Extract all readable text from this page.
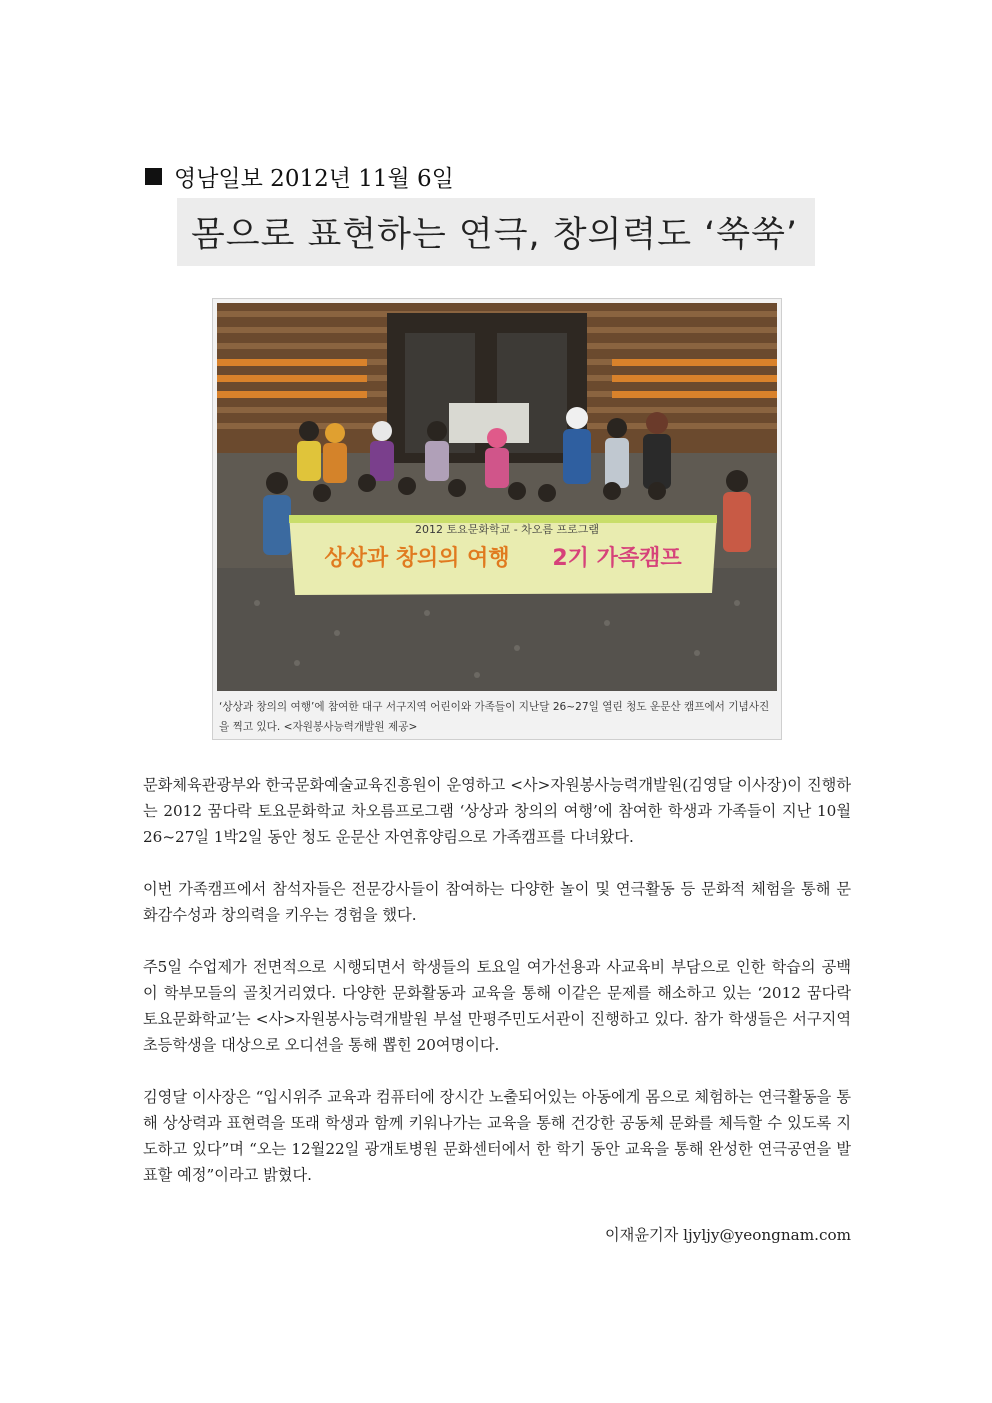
영남일보 2012년 11월 6일
몸으로 표현하는 연극, 창의력도 ‘쑥쑥’
2012 토요문화학교 - 차오름 프로그램
상상과 창의의 여행 2기 가족캠프
‘상상과 창의의 여행’에 참여한 대구 서구지역 어린이와 가족들이 지난달 26~27일 열린 청도 운문산 캠프에서 기념사진을 찍고 있다. <자원봉사능력개발원 제공>

문화체육관광부와 한국문화예술교육진흥원이 운영하고 <사>자원봉사능력개발원(김영달 이사장)이 진행하는 2012 꿈다락 토요문화학교 차오름프로그램 ‘상상과 창의의 여행’에 참여한 학생과 가족들이 지난 10월26~27일 1박2일 동안 청도 운문산 자연휴양림으로 가족캠프를 다녀왔다.

이번 가족캠프에서 참석자들은 전문강사들이 참여하는 다양한 놀이 및 연극활동 등 문화적 체험을 통해 문화감수성과 창의력을 키우는 경험을 했다.

주5일 수업제가 전면적으로 시행되면서 학생들의 토요일 여가선용과 사교육비 부담으로 인한 학습의 공백이 학부모들의 골칫거리였다. 다양한 문화활동과 교육을 통해 이같은 문제를 해소하고 있는 ‘2012 꿈다락 토요문화학교’는 <사>자원봉사능력개발원 부설 만평주민도서관이 진행하고 있다. 참가 학생들은 서구지역 초등학생을 대상으로 오디션을 통해 뽑힌 20여명이다.

김영달 이사장은 “입시위주 교육과 컴퓨터에 장시간 노출되어있는 아동에게 몸으로 체험하는 연극활동을 통해 상상력과 표현력을 또래 학생과 함께 키워나가는 교육을 통해 건강한 공동체 문화를 체득할 수 있도록 지도하고 있다”며 “오는 12월22일 광개토병원 문화센터에서 한 학기 동안 교육을 통해 완성한 연극공연을 발표할 예정”이라고 밝혔다.

이재윤기자 ljyljy@yeongnam.com
